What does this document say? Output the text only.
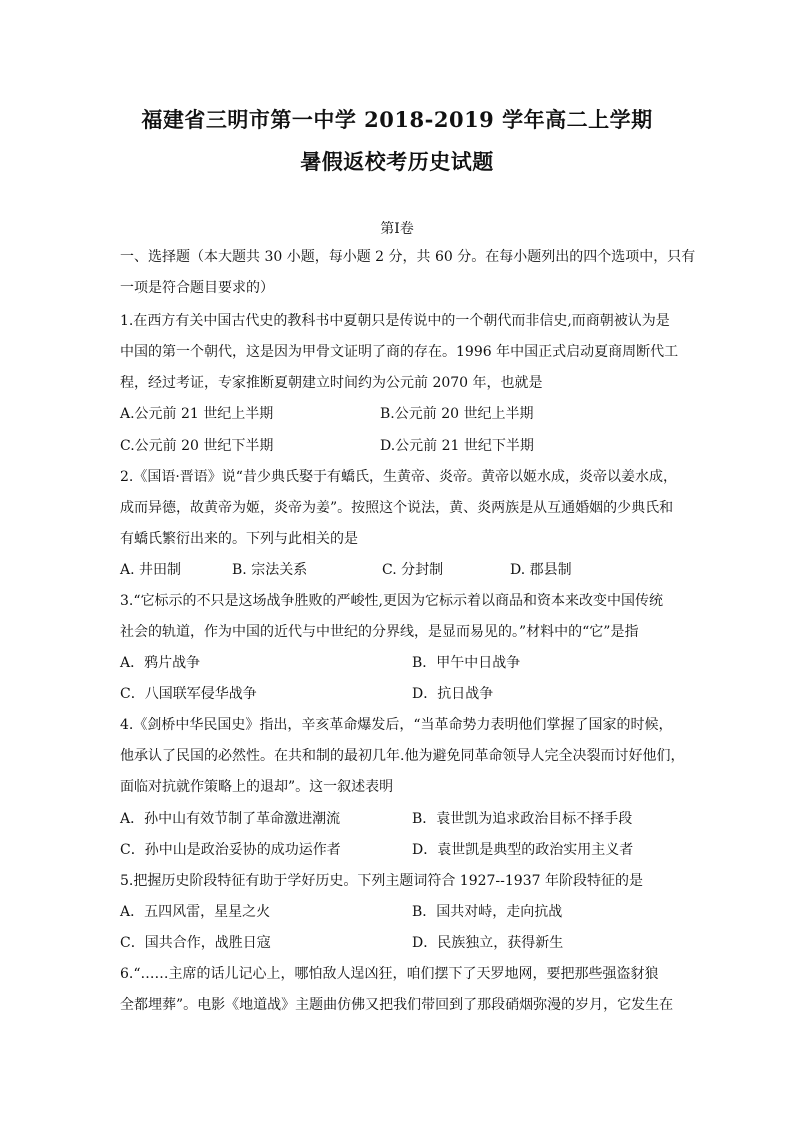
福建省三明市第一中学 2018-2019 学年高二上学期
暑假返校考历史试题
第Ⅰ卷
一、选择题（本大题共 30 小题，每小题 2 分，共 60 分。在每小题列出的四个选项中，只有
一项是符合题目要求的）
1.在西方有关中国古代史的教科书中夏朝只是传说中的一个朝代而非信史,而商朝被认为是
中国的第一个朝代，这是因为甲骨文证明了商的存在。1996 年中国正式启动夏商周断代工
程，经过考证，专家推断夏朝建立时间约为公元前 2070 年，也就是
A.公元前 21 世纪上半期	B.公元前 20 世纪上半期
C.公元前 20 世纪下半期	D.公元前 21 世纪下半期
2.《国语·晋语》说“昔少典氏娶于有蟜氏，生黄帝、炎帝。黄帝以姬水成，炎帝以姜水成，
成而异德，故黄帝为姬，炎帝为姜”。按照这个说法，黄、炎两族是从互通婚姻的少典氏和
有蟜氏繁衍出来的。下列与此相关的是
A. 井田制	B. 宗法关系	C. 分封制	D. 郡县制
3.“它标示的不只是这场战争胜败的严峻性,更因为它标示着以商品和资本来改变中国传统
社会的轨道，作为中国的近代与中世纪的分界线，是显而易见的。”材料中的“它”是指
A．鸦片战争	B．甲午中日战争
C．八国联军侵华战争	D．抗日战争
4.《剑桥中华民国史》指出，辛亥革命爆发后，“当革命势力表明他们掌握了国家的时候，
他承认了民国的必然性。在共和制的最初几年.他为避免同革命领导人完全决裂而讨好他们，
面临对抗就作策略上的退却”。这一叙述表明
A．孙中山有效节制了革命激进潮流	B．袁世凯为追求政治目标不择手段
C．孙中山是政治妥协的成功运作者	D．袁世凯是典型的政治实用主义者
5.把握历史阶段特征有助于学好历史。下列主题词符合 1927--1937 年阶段特征的是
A．五四风雷，星星之火	B．国共对峙，走向抗战
C．国共合作，战胜日寇	D．民族独立，获得新生
6.“……主席的话儿记心上，哪怕敌人逞凶狂，咱们摆下了天罗地网，要把那些强盗豺狼
全都埋葬”。电影《地道战》主题曲仿佛又把我们带回到了那段硝烟弥漫的岁月，它发生在
